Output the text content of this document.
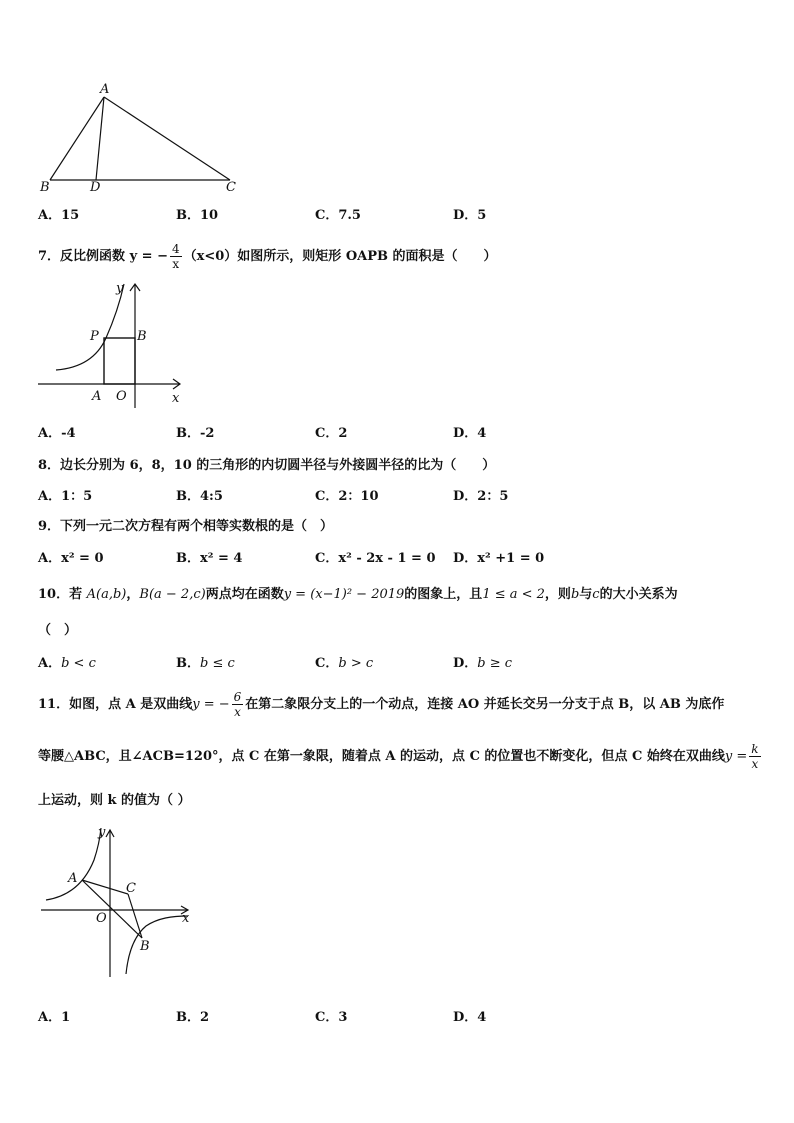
A
B	D	C
A．15	B．10	C．7.5	D．5
7．反比例函数 y = − $\frac{4}{x} (x<0)$如图所示，则矩形 OAPB 的面积是（　　）
y
P	B
A O	x
A．-4	B．-2	C．2	D．4
8．边长分别为 6，8，10 的三角形的内切圆半径与外接圆半径的比为（　　）
A．1：5	B．4:5	C．2：10	D．2：5
9．下列一元二次方程有两个相等实数根的是（　）
A．x² = 0	B．x² = 4	C．x² - 2x - 1 = 0 D．x² +1 = 0
10．若 A(a,b)，B(a − 2,c)两点均在函数y = (x−1)² − 2019的图象上，且1 ≤ a < 2，则b与c的大小关系为
（　）
A．b < c	B．b ≤ c	C．b > c	D．b ≥ c
11．如图，点 A 是双曲线y = − $\frac{6}{x}$ 在第二象限分支上的一个动点，连接 AO 并延长交另一分支于点 B，以 AB 为底作
等腰△ABC，且∠ACB=120°，点 C 在第一象限，随着点 A 的运动，点 C 的位置也不断变化，但点 C 始终在双曲线$y = \frac{k}{x}$
上运动，则 k 的值为（ ）
y
A
C
O	x
B
A．1	B．2	C．3	D．4
